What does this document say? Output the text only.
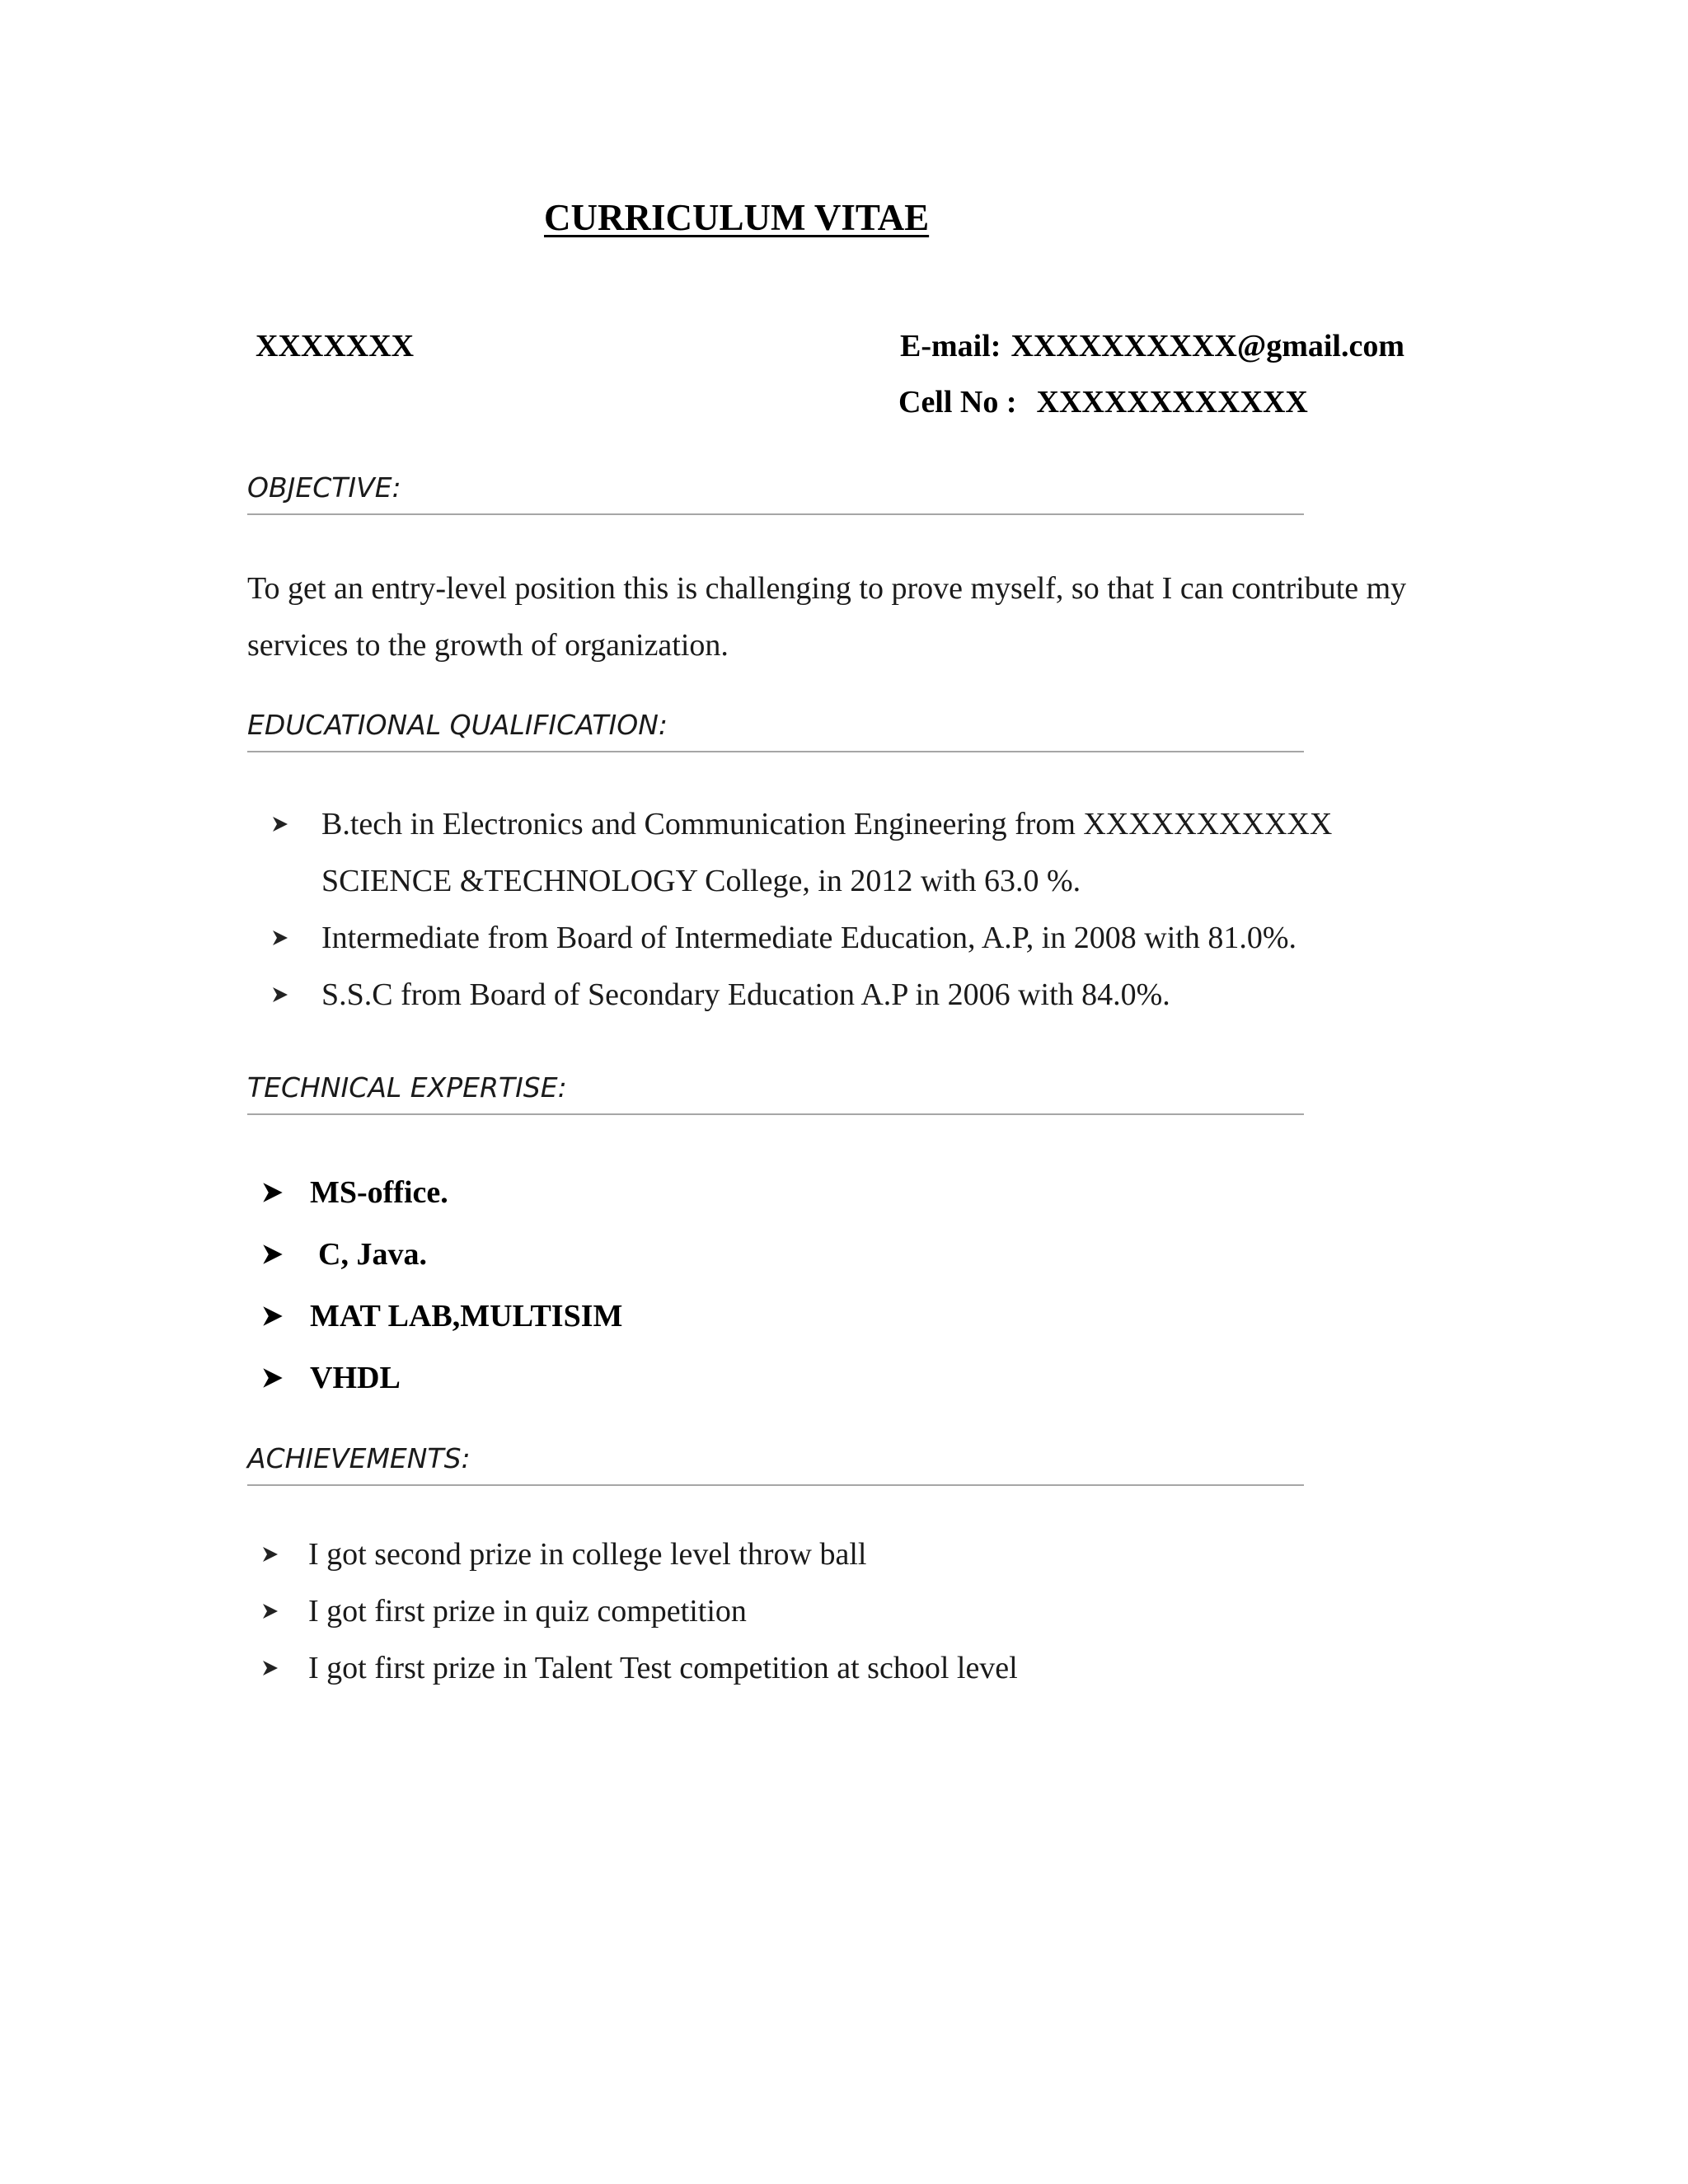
CURRICULUM VITAE
XXXXXXX	E-mail: XXXXXXXXXX@gmail.com
Cell No : XXXXXXXXXXXX
OBJECTIVE:
To get an entry-level position this is challenging to prove myself, so that I can contribute my services to the growth of organization.
EDUCATIONAL QUALIFICATION:
B.tech in Electronics and Communication Engineering from XXXXXXXXXXX
SCIENCE &TECHNOLOGY College, in 2012 with 63.0 %.
Intermediate from Board of Intermediate Education, A.P, in 2008 with 81.0%.
S.S.C from Board of Secondary Education A.P in 2006 with 84.0%.
TECHNICAL EXPERTISE:
MS-office.
C, Java.
MAT LAB,MULTISIM
VHDL
ACHIEVEMENTS:
I got second prize in college level throw ball
I got first prize in quiz competition
I got first prize in Talent Test competition at school level
